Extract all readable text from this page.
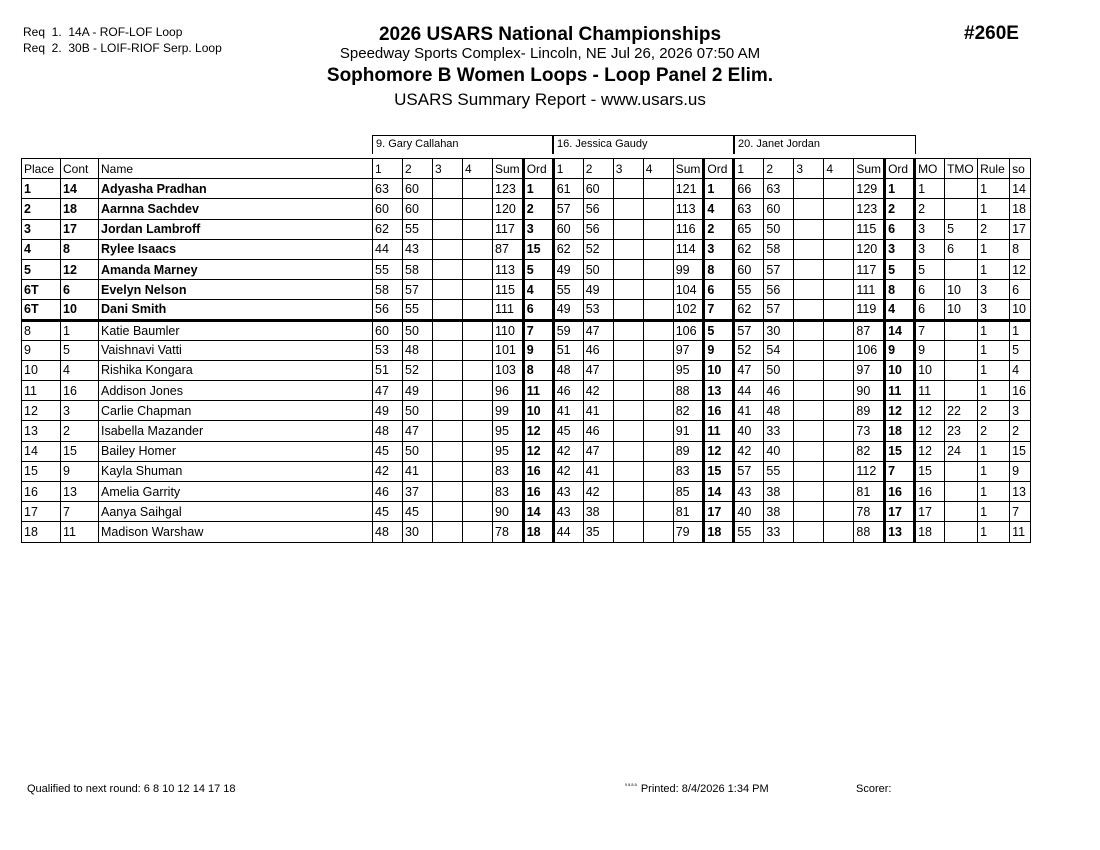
Req  1.  14A - ROF-LOF Loop
Req  2.  30B - LOIF-RIOF Serp. Loop
2026 USARS National Championships	#260E
Speedway Sports Complex- Lincoln, NE Jul 26, 2026 07:50 AM
Sophomore B Women Loops - Loop Panel 2 Elim.
USARS Summary Report - www.usars.us
9. Gary Callahan	16. Jessica Gaudy	20. Janet Jordan
Place	Cont	Name	1	2	3	4	Sum	Ord	1	2	3	4	Sum	Ord	1	2	3	4	Sum	Ord	MO	TMO	Rule	so
1	14	Adyasha Pradhan	63	60			123	1	61	60			121	1	66	63			129	1	1		1	14
2	18	Aarnna Sachdev	60	60			120	2	57	56			113	4	63	60			123	2	2		1	18
3	17	Jordan Lambroff	62	55			117	3	60	56			116	2	65	50			115	6	3	5	2	17
4	8	Rylee Isaacs	44	43			87	15	62	52			114	3	62	58			120	3	3	6	1	8
5	12	Amanda Marney	55	58			113	5	49	50			99	8	60	57			117	5	5		1	12
6T	6	Evelyn Nelson	58	57			115	4	55	49			104	6	55	56			111	8	6	10	3	6
6T	10	Dani Smith	56	55			111	6	49	53			102	7	62	57			119	4	6	10	3	10
8	1	Katie Baumler	60	50			110	7	59	47			106	5	57	30			87	14	7		1	1
9	5	Vaishnavi Vatti	53	48			101	9	51	46			97	9	52	54			106	9	9		1	5
10	4	Rishika Kongara	51	52			103	8	48	47			95	10	47	50			97	10	10		1	4
11	16	Addison Jones	47	49			96	11	46	42			88	13	44	46			90	11	11		1	16
12	3	Carlie Chapman	49	50			99	10	41	41			82	16	41	48			89	12	12	22	2	3
13	2	Isabella Mazander	48	47			95	12	45	46			91	11	40	33			73	18	12	23	2	2
14	15	Bailey Homer	45	50			95	12	42	47			89	12	42	40			82	15	12	24	1	15
15	9	Kayla Shuman	42	41			83	16	42	41			83	15	57	55			112	7	15		1	9
16	13	Amelia Garrity	46	37			83	16	43	42			85	14	43	38			81	16	16		1	13
17	7	Aanya Saihgal	45	45			90	14	43	38			81	17	40	38			78	17	17		1	7
18	11	Madison Warshaw	48	30			78	18	44	35			79	18	55	33			88	13	18		1	11
Qualified to next round: 6 8 10 12 14 17 18	$^{ˢᵃᵃᵃ}$ Printed: 8/4/2026 1:34 PM	Scorer:
